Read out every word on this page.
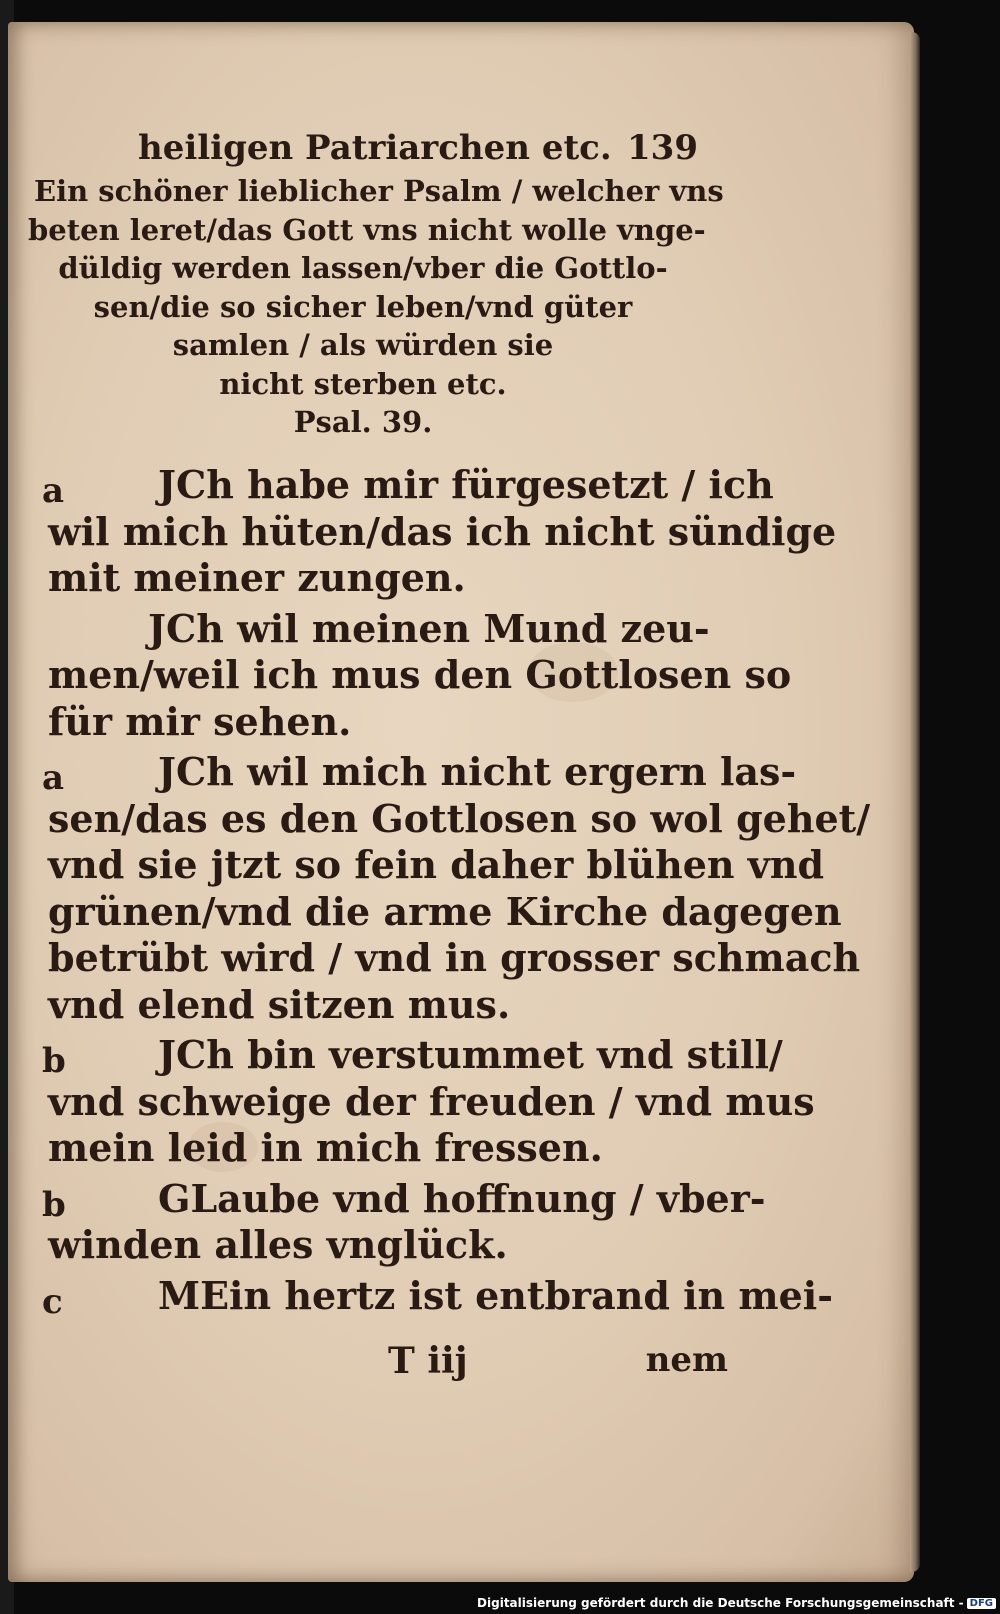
heiligen Patriarchen etc. 139
Ein schöner lieblicher Psalm / welcher vns
beten leret/das Gott vns nicht wolle vnge-
düldig werden lassen/vber die Gottlo-
sen/die so sicher leben/vnd güter
samlen / als würden sie
nicht sterben etc.
Psal. 39.
a	JCh habe mir fürgesetzt / ich
wil mich hüten/das ich nicht sündige
mit meiner zungen.
JCh wil meinen Mund zeu-
men/weil ich mus den Gottlosen so
für mir sehen.
a	JCh wil mich nicht ergern las-
sen/das es den Gottlosen so wol gehet/
vnd sie jtzt so fein daher blühen vnd
grünen/vnd die arme Kirche dagegen
betrübt wird / vnd in grosser schmach
vnd elend sitzen mus.
b	JCh bin verstummet vnd still/
vnd schweige der freuden / vnd mus
mein leid in mich fressen.
b	GLaube vnd hoffnung / vber-
winden alles vnglück.
c	MEin hertz ist entbrand in mei-
T iij	nem
Digitalisierung gefördert durch die Deutsche Forschungsgemeinschaft - DFG
